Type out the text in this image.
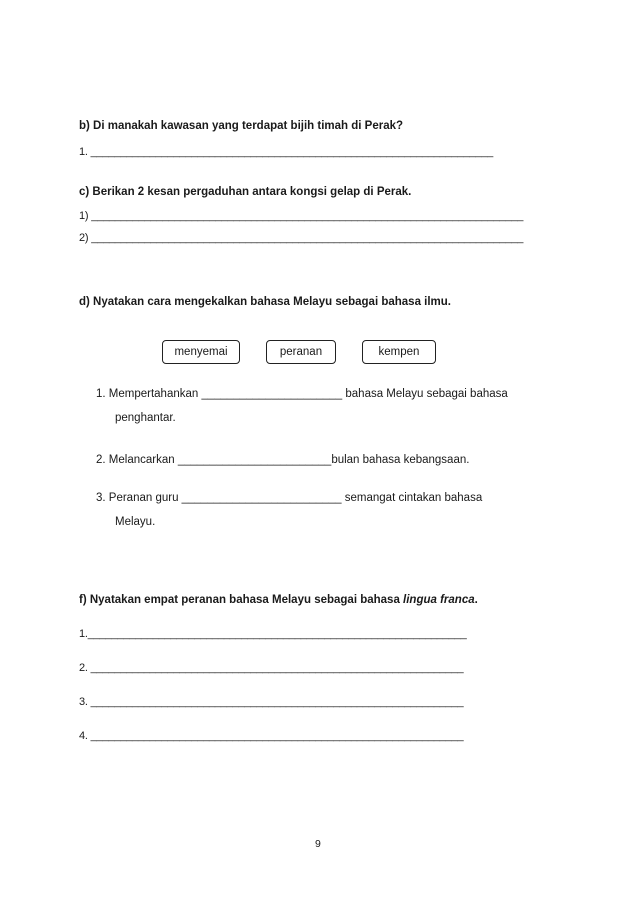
b) Di manakah kawasan yang terdapat bijih timah di Perak?
1. ____________________________________________________________________
c) Berikan 2 kesan pergaduhan antara kongsi gelap di Perak.
1) _________________________________________________________________________
2) _________________________________________________________________________
d) Nyatakan cara mengekalkan bahasa Melayu sebagai bahasa ilmu.
menyemai	peranan	kempen
1. Mempertahankan ______________________ bahasa Melayu sebagai bahasa
penghantar.
2. Melancarkan ________________________bulan bahasa kebangsaan.
3. Peranan guru _________________________ semangat cintakan bahasa
Melayu.
f) Nyatakan empat peranan bahasa Melayu sebagai bahasa lingua franca.
1.________________________________________________________________
2. _______________________________________________________________
3. _______________________________________________________________
4. _______________________________________________________________
9
